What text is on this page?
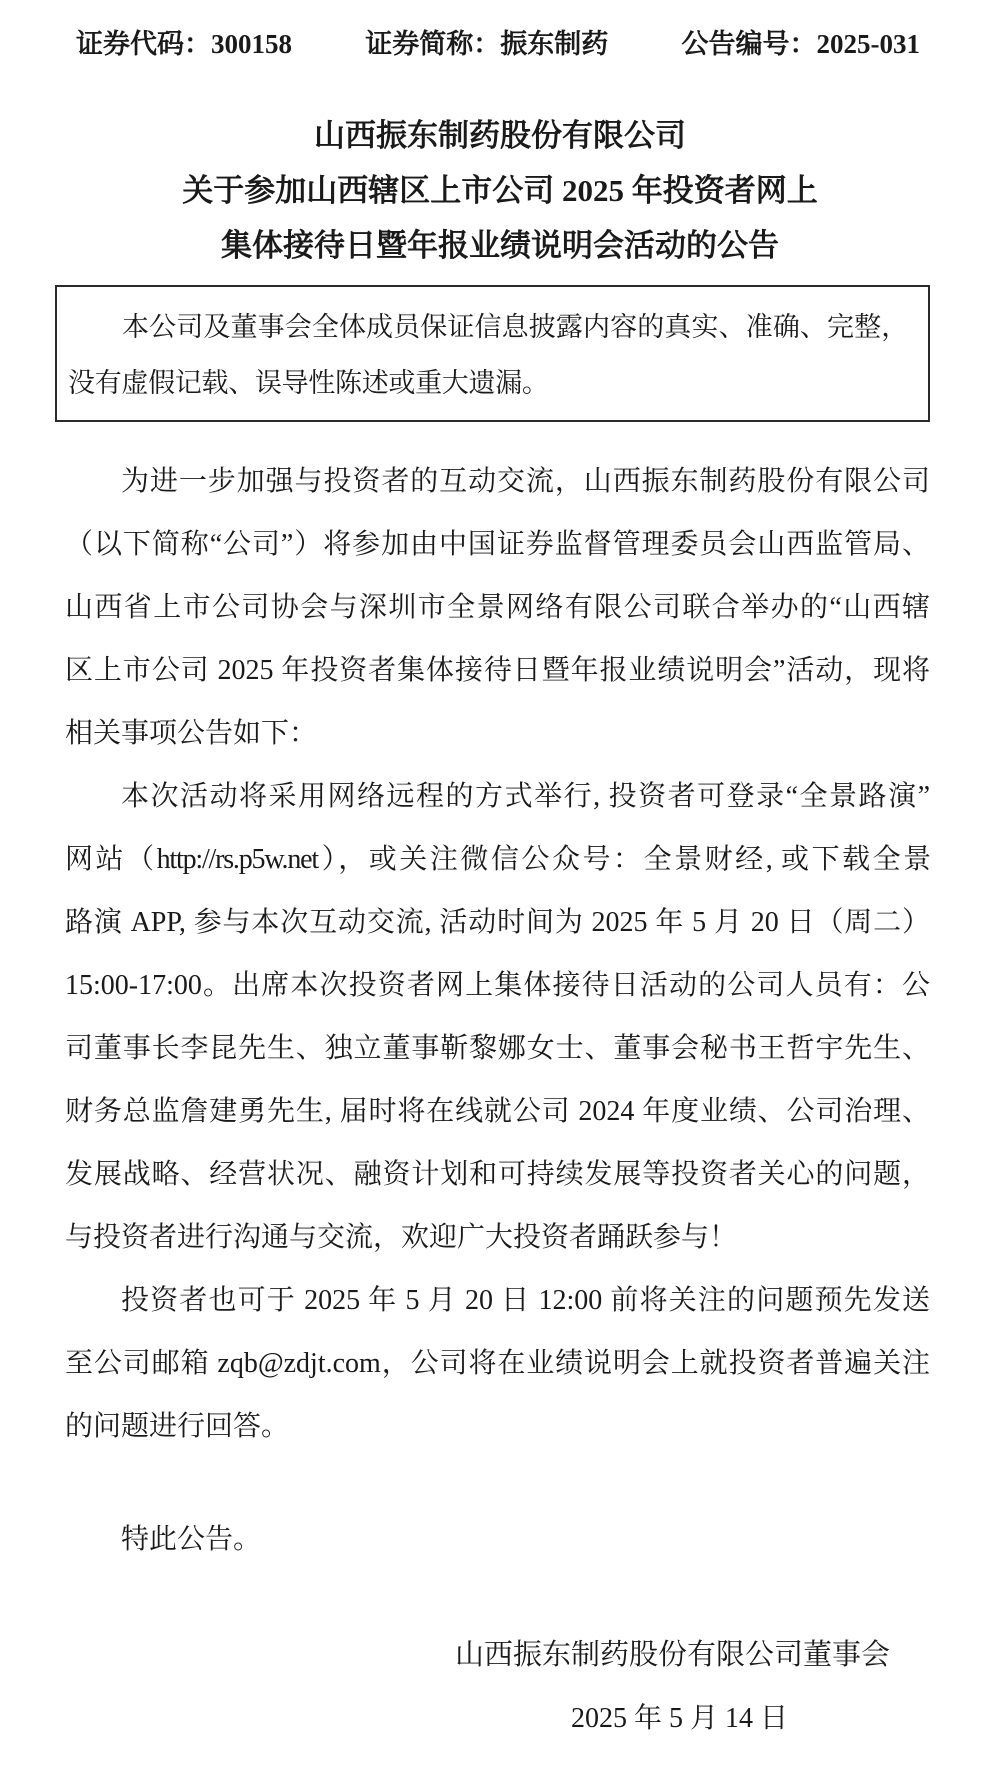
证券代码：300158	证券简称：振东制药	公告编号：2025-031
山西振东制药股份有限公司
关于参加山西辖区上市公司 2025 年投资者网上
集体接待日暨年报业绩说明会活动的公告
本公司及董事会全体成员保证信息披露内容的真实、准确、完整，
没有虚假记载、误导性陈述或重大遗漏。
为进一步加强与投资者的互动交流，山西振东制药股份有限公司
（以下简称“公司”）将参加由中国证券监督管理委员会山西监管局、
山西省上市公司协会与深圳市全景网络有限公司联合举办的“山西辖
区上市公司 2025 年投资者集体接待日暨年报业绩说明会”活动，现将
相关事项公告如下：
本次活动将采用网络远程的方式举行, 投资者可登录“全景路演”
网站（http://rs.p5w.net），或关注微信公众号：全景财经, 或下载全景
路演 APP, 参与本次互动交流, 活动时间为 2025 年 5 月 20 日（周二）
15:00-17:00。出席本次投资者网上集体接待日活动的公司人员有：公
司董事长李昆先生、独立董事靳黎娜女士、董事会秘书王哲宇先生、
财务总监詹建勇先生, 届时将在线就公司 2024 年度业绩、公司治理、
发展战略、经营状况、融资计划和可持续发展等投资者关心的问题，
与投资者进行沟通与交流，欢迎广大投资者踊跃参与！
投资者也可于 2025 年 5 月 20 日 12:00 前将关注的问题预先发送
至公司邮箱 zqb@zdjt.com，公司将在业绩说明会上就投资者普遍关注
的问题进行回答。
特此公告。
山西振东制药股份有限公司董事会
2025 年 5 月 14 日
